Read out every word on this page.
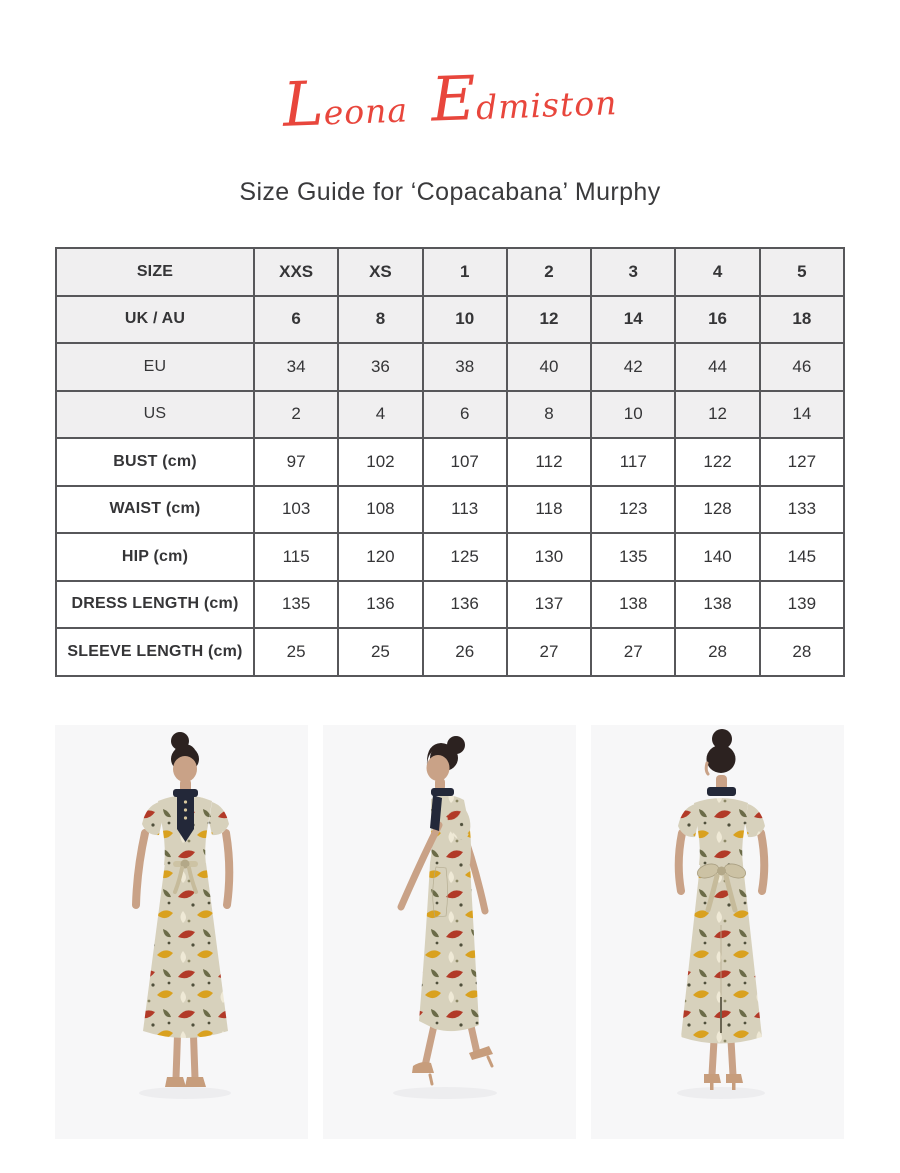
Leona Edmiston
Size Guide for ‘Copacabana’ Murphy
SIZE	XXS	XS	1	2	3	4	5
UK / AU	6	8	10	12	14	16	18
EU	34	36	38	40	42	44	46
US	2	4	6	8	10	12	14
BUST (cm)	97	102	107	112	117	122	127
WAIST (cm)	103	108	113	118	123	128	133
HIP (cm)	115	120	125	130	135	140	145
DRESS LENGTH (cm)	135	136	136	137	138	138	139
SLEEVE LENGTH (cm)	25	25	26	27	27	28	28
